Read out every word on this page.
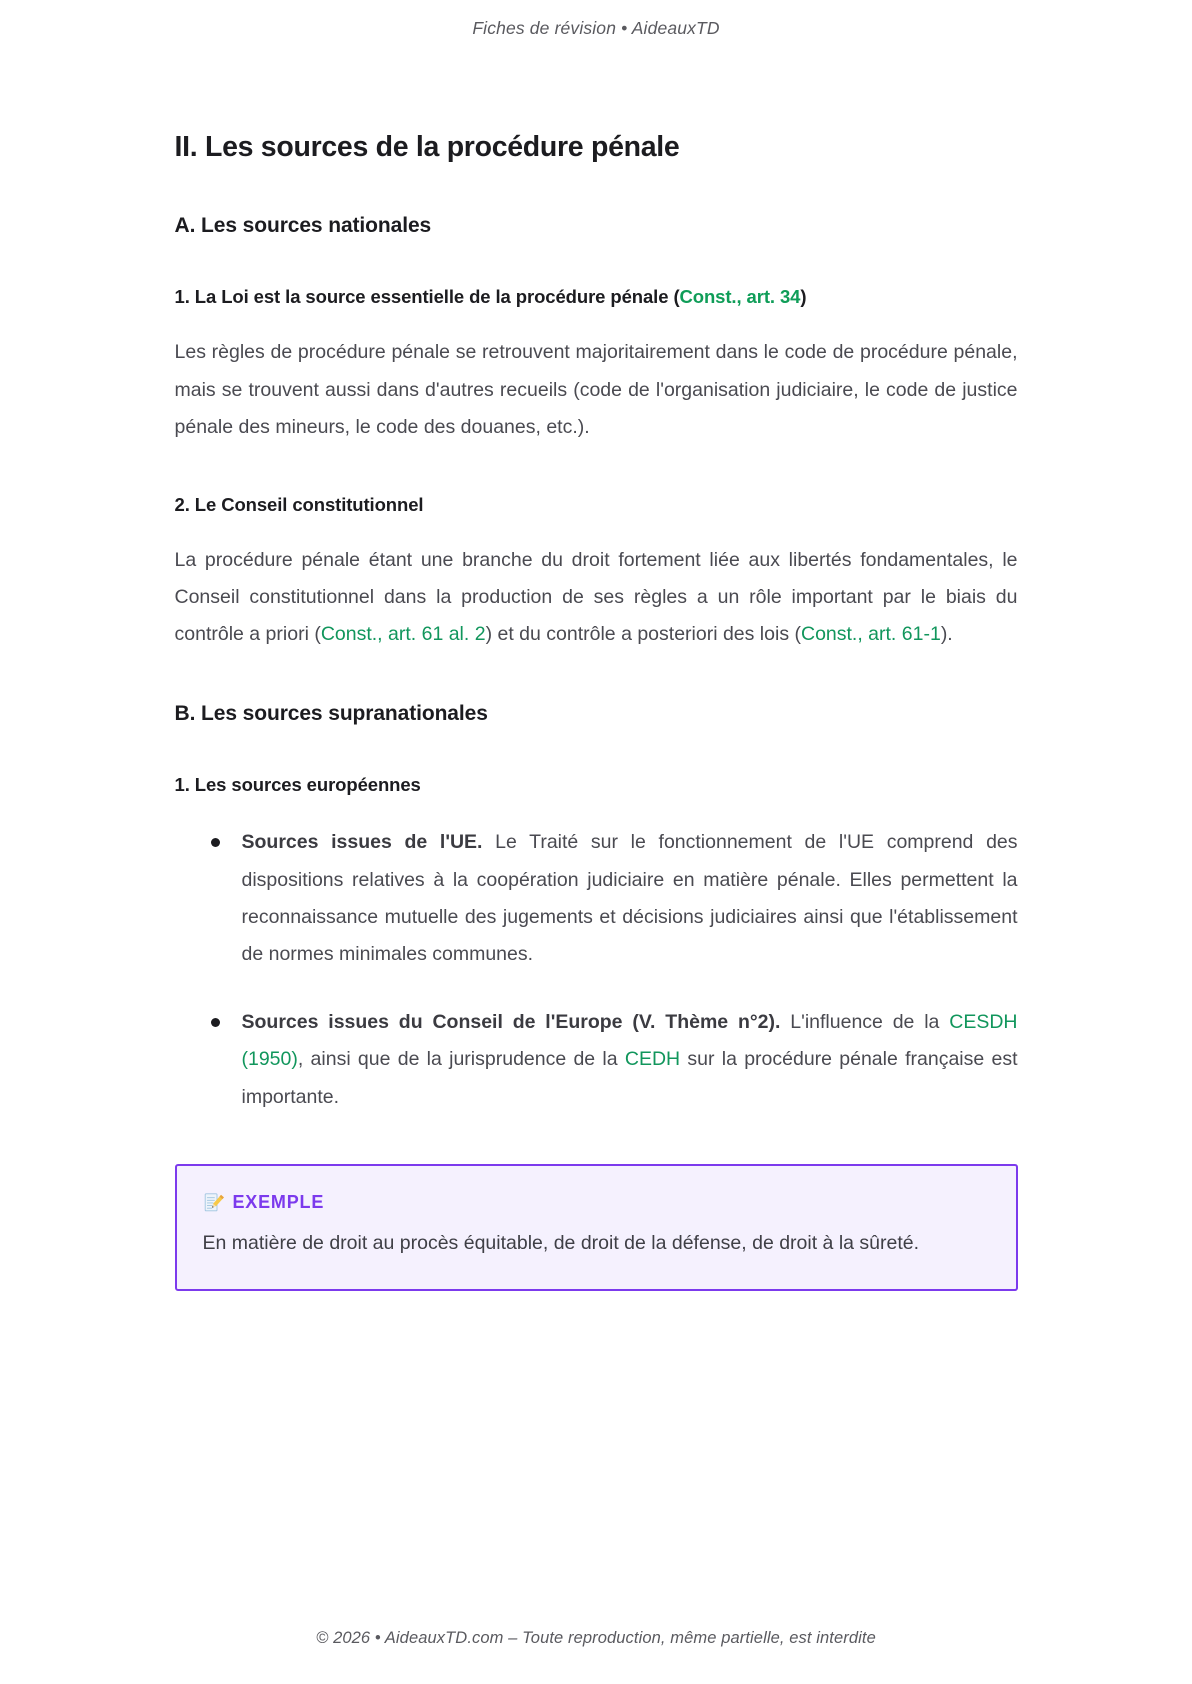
Fiches de révision • AideauxTD
II. Les sources de la procédure pénale
A. Les sources nationales
1. La Loi est la source essentielle de la procédure pénale (Const., art. 34)

Les règles de procédure pénale se retrouvent majoritairement dans le code de procédure pénale, mais se trouvent aussi dans d'autres recueils (code de l'organisation judiciaire, le code de justice pénale des mineurs, le code des douanes, etc.).

2. Le Conseil constitutionnel

La procédure pénale étant une branche du droit fortement liée aux libertés fondamentales, le Conseil constitutionnel dans la production de ses règles a un rôle important par le biais du contrôle a priori (Const., art. 61 al. 2) et du contrôle a posteriori des lois (Const., art. 61-1).

B. Les sources supranationales
1. Les sources européennes
Sources issues de l'UE. Le Traité sur le fonctionnement de l'UE comprend des dispositions relatives à la coopération judiciaire en matière pénale. Elles permettent la reconnaissance mutuelle des jugements et décisions judiciaires ainsi que l'établissement de normes minimales communes.
Sources issues du Conseil de l'Europe (V. Thème n°2). L'influence de la CESDH (1950), ainsi que de la jurisprudence de la CEDH sur la procédure pénale française est importante.
EXEMPLE

En matière de droit au procès équitable, de droit de la défense, de droit à la sûreté.

© 2026 • AideauxTD.com – Toute reproduction, même partielle, est interdite
